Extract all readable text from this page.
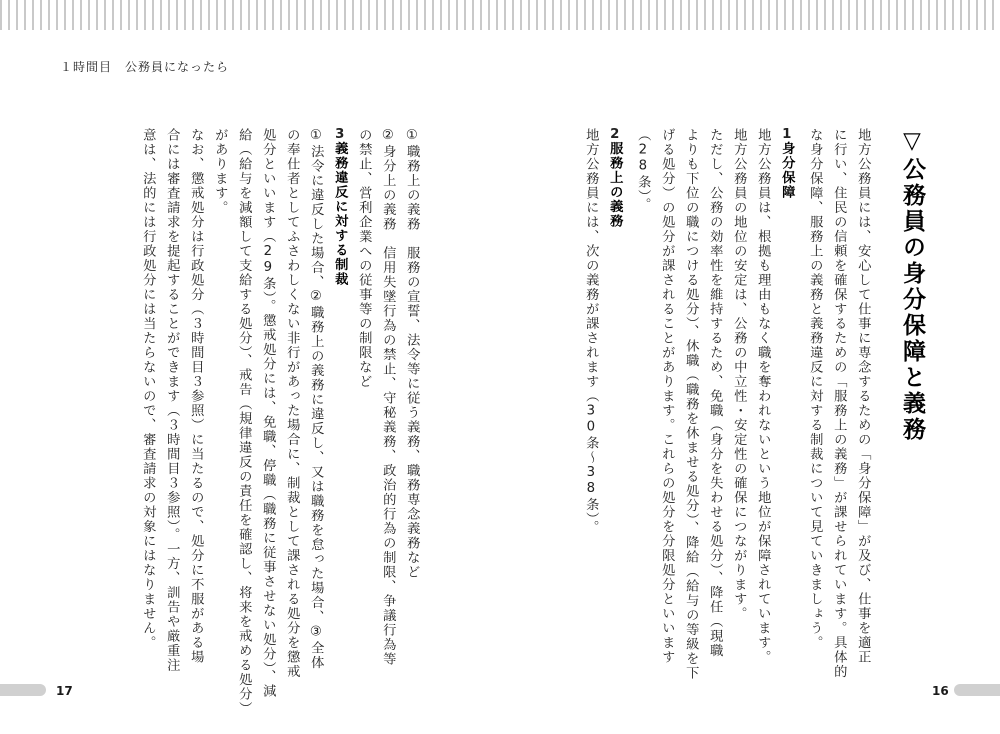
１時間目　公務員になったら
▽公務員の身分保障と義務
地方公務員には、安心して仕事に専念するための「身分保障」が及び、仕事を適正
に行い、住民の信頼を確保するための「服務上の義務」が課せられています。具体的
な身分保障、服務上の義務と義務違反に対する制裁について見ていきましょう。
1身分保障
地方公務員は、根拠も理由もなく職を奪われないという地位が保障されています。
地方公務員の地位の安定は、公務の中立性・安定性の確保につながります。
ただし、公務の効率性を維持するため、免職（身分を失わせる処分）、降任（現職
よりも下位の職につける処分）、休職（職務を休ませる処分）、降給（給与の等級を下
げる処分）の処分が課されることがあります。これらの処分を分限処分といいます
（28条）。
2服務上の義務
地方公務員には、次の義務が課されます（30条〜38条）。
①職務上の義務　服務の宣誓、法令等に従う義務、職務専念義務など
②身分上の義務　信用失墜行為の禁止、守秘義務、政治的行為の制限、争議行為等
の禁止、営利企業への従事等の制限など
3義務違反に対する制裁
①法令に違反した場合、②職務上の義務に違反し、又は職務を怠った場合、③全体
の奉仕者としてふさわしくない非行があった場合に、制裁として課される処分を懲戒
処分といいます（29条）。懲戒処分には、免職、停職（職務に従事させない処分）、減
給（給与を減額して支給する処分）、戒告（規律違反の責任を確認し、将来を戒める処分）
があります。
なお、懲戒処分は行政処分（３時間目３参照）に当たるので、処分に不服がある場
合には審査請求を提起することができます（３時間目３参照）。一方、訓告や厳重注
意は、法的には行政処分には当たらないので、審査請求の対象にはなりません。
17	16
